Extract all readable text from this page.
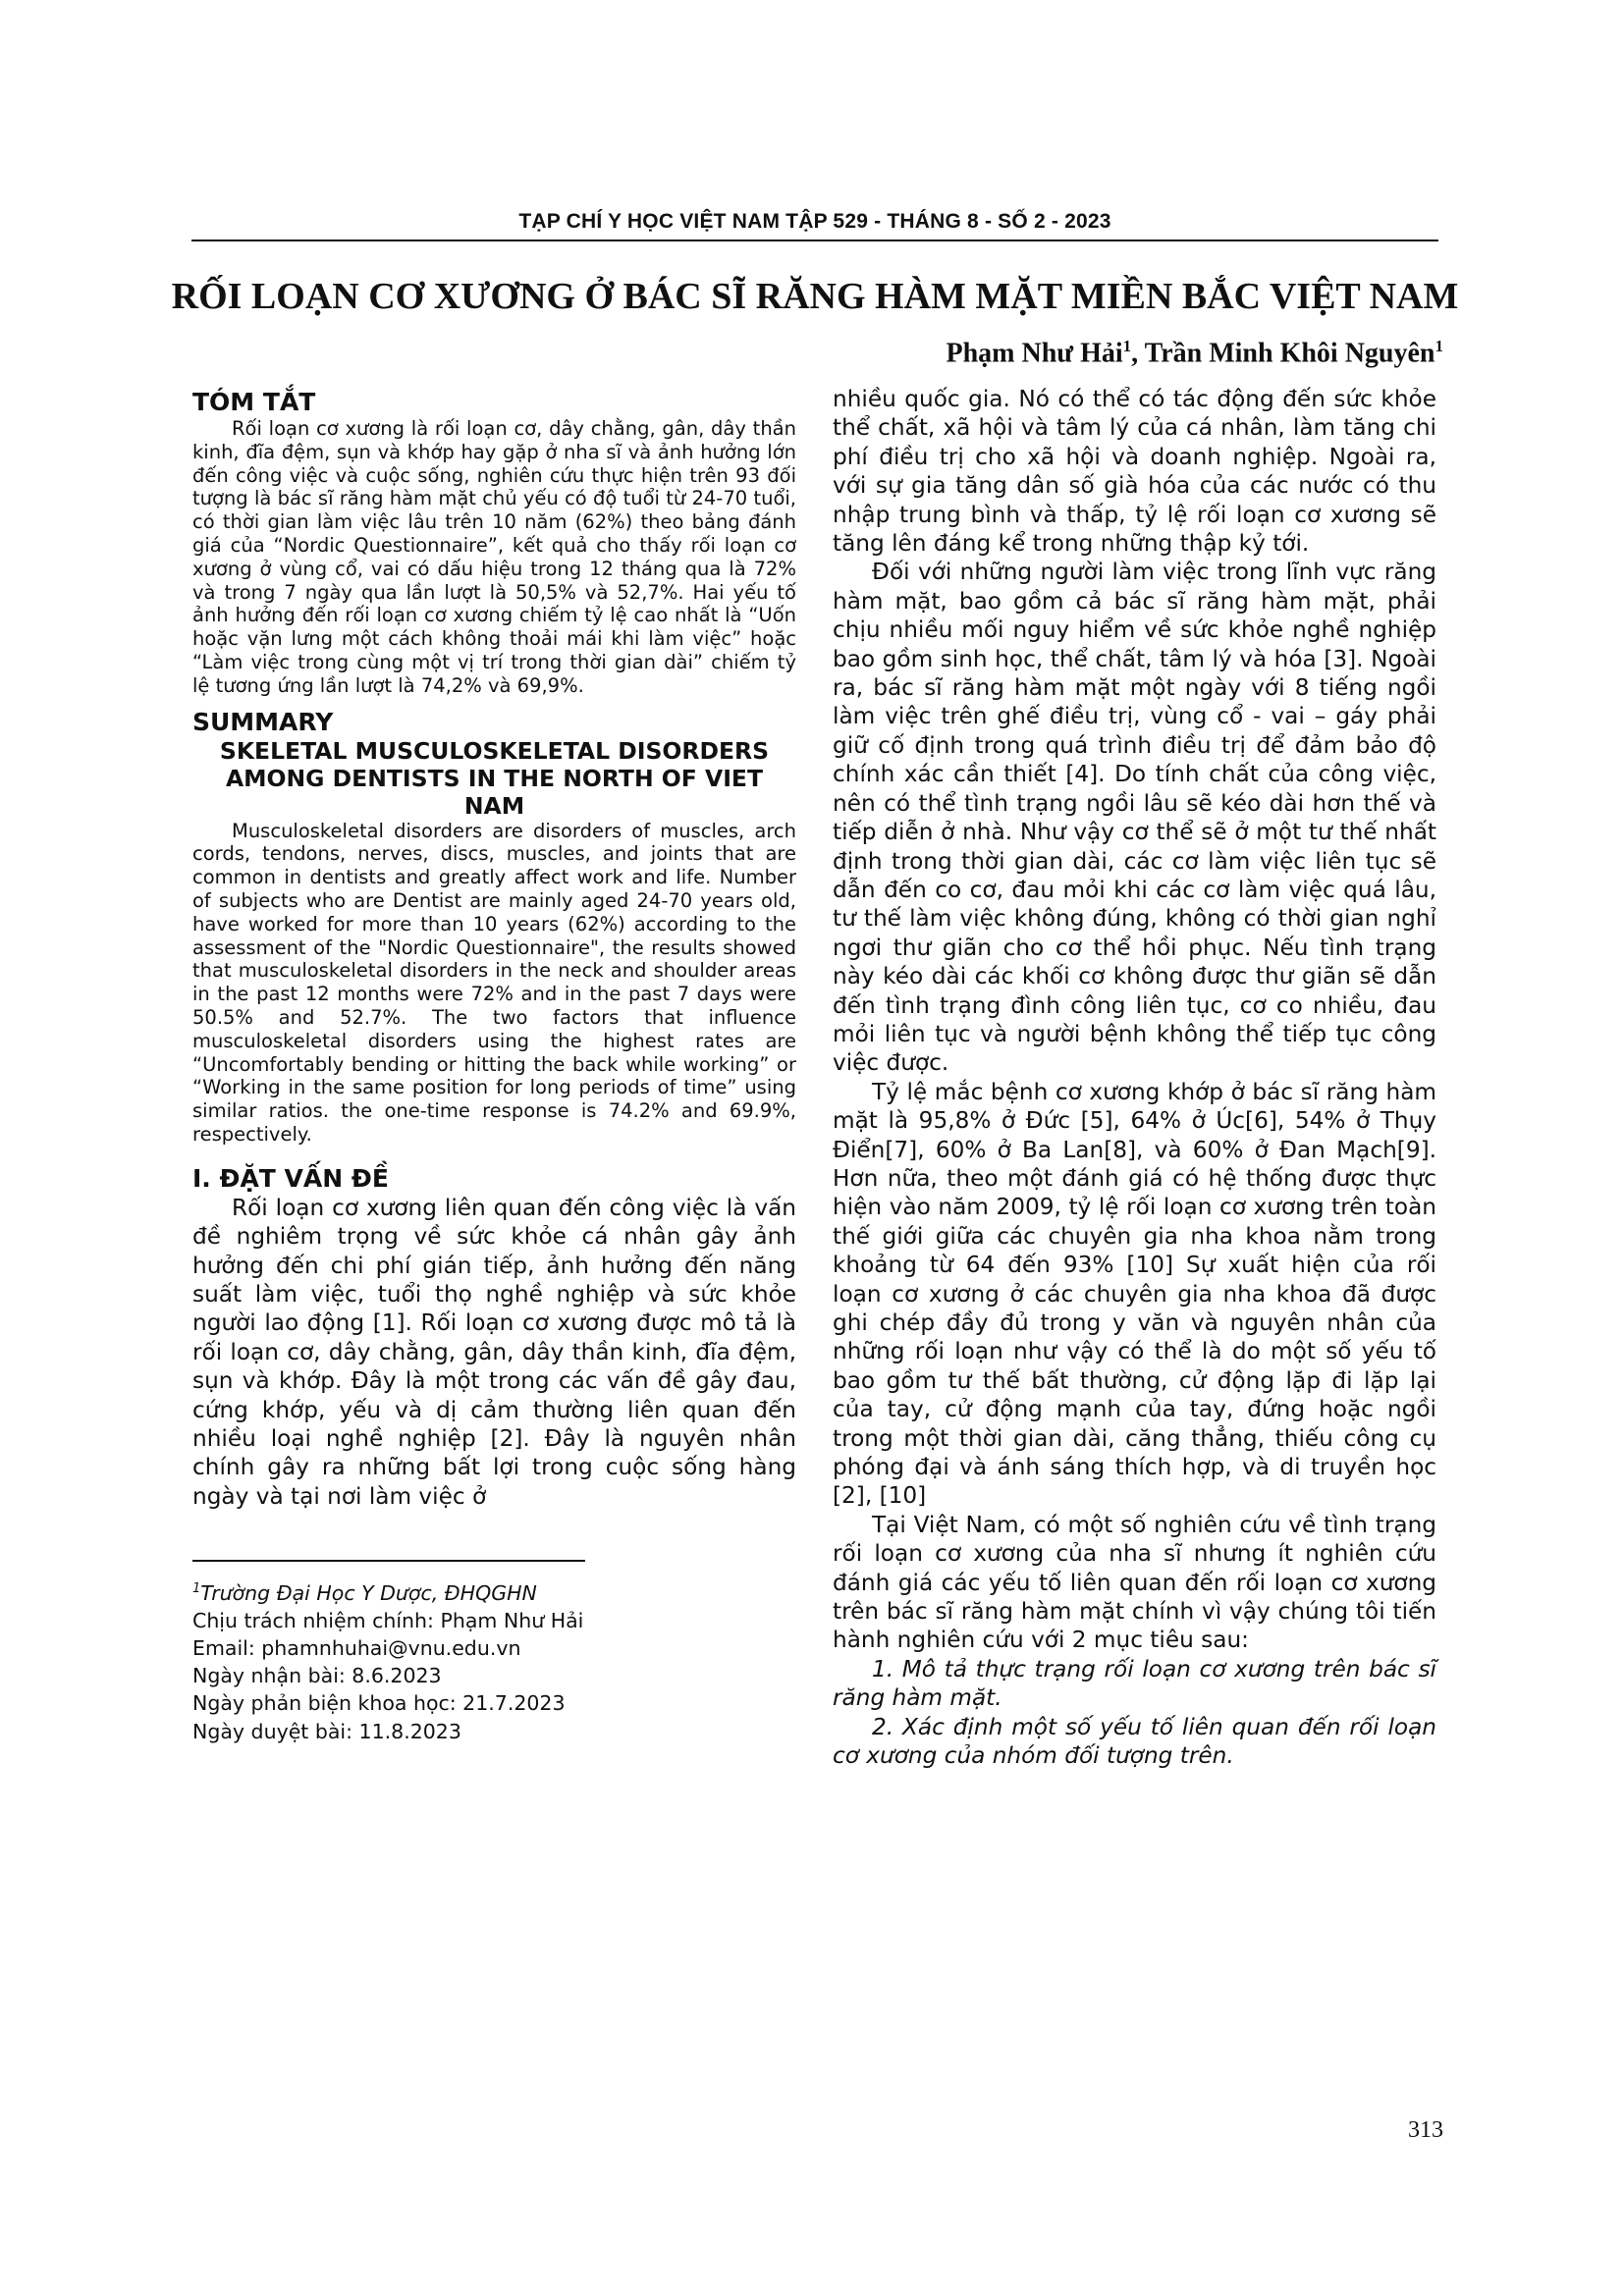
TẠP CHÍ Y HỌC VIỆT NAM TẬP 529 - THÁNG 8 - SỐ 2 - 2023
RỐI LOẠN CƠ XƯƠNG Ở BÁC SĨ RĂNG HÀM MẶT MIỀN BẮC VIỆT NAM
Phạm Như Hải$^1$, Trần Minh Khôi Nguyên$^1$
TÓM TẮT

Rối loạn cơ xương là rối loạn cơ, dây chằng, gân, dây thần kinh, đĩa đệm, sụn và khớp hay gặp ở nha sĩ và ảnh hưởng lớn đến công việc và cuộc sống, nghiên cứu thực hiện trên 93 đối tượng là bác sĩ răng hàm mặt chủ yếu có độ tuổi từ 24-70 tuổi, có thời gian làm việc lâu trên 10 năm (62%) theo bảng đánh giá của “Nordic Questionnaire”, kết quả cho thấy rối loạn cơ xương ở vùng cổ, vai có dấu hiệu trong 12 tháng qua là 72% và trong 7 ngày qua lần lượt là 50,5% và 52,7%. Hai yếu tố ảnh hưởng đến rối loạn cơ xương chiếm tỷ lệ cao nhất là “Uốn hoặc vặn lưng một cách không thoải mái khi làm việc” hoặc “Làm việc trong cùng một vị trí trong thời gian dài” chiếm tỷ lệ tương ứng lần lượt là 74,2% và 69,9%.

SUMMARY
SKELETAL MUSCULOSKELETAL DISORDERS AMONG DENTISTS IN THE NORTH OF VIET NAM

Musculoskeletal disorders are disorders of muscles, arch cords, tendons, nerves, discs, muscles, and joints that are common in dentists and greatly affect work and life. Number of subjects who are Dentist are mainly aged 24-70 years old, have worked for more than 10 years (62%) according to the assessment of the "Nordic Questionnaire", the results showed that musculoskeletal disorders in the neck and shoulder areas in the past 12 months were 72% and in the past 7 days were 50.5% and 52.7%. The two factors that influence musculoskeletal disorders using the highest rates are “Uncomfortably bending or hitting the back while working” or “Working in the same position for long periods of time” using similar ratios. the one-time response is 74.2% and 69.9%, respectively.

I. ĐẶT VẤN ĐỀ

Rối loạn cơ xương liên quan đến công việc là vấn đề nghiêm trọng về sức khỏe cá nhân gây ảnh hưởng đến chi phí gián tiếp, ảnh hưởng đến năng suất làm việc, tuổi thọ nghề nghiệp và sức khỏe người lao động [1]. Rối loạn cơ xương được mô tả là rối loạn cơ, dây chằng, gân, dây thần kinh, đĩa đệm, sụn và khớp. Đây là một trong các vấn đề gây đau, cứng khớp, yếu và dị cảm thường liên quan đến nhiều loại nghề nghiệp [2]. Đây là nguyên nhân chính gây ra những bất lợi trong cuộc sống hàng ngày và tại nơi làm việc ở

$^1$Trường Đại Học Y Dược, ĐHQGHN
Chịu trách nhiệm chính: Phạm Như Hải
Email: phamnhuhai@vnu.edu.vn
Ngày nhận bài: 8.6.2023
Ngày phản biện khoa học: 21.7.2023
Ngày duyệt bài: 11.8.2023

nhiều quốc gia. Nó có thể có tác động đến sức khỏe thể chất, xã hội và tâm lý của cá nhân, làm tăng chi phí điều trị cho xã hội và doanh nghiệp. Ngoài ra, với sự gia tăng dân số già hóa của các nước có thu nhập trung bình và thấp, tỷ lệ rối loạn cơ xương sẽ tăng lên đáng kể trong những thập kỷ tới.

Đối với những người làm việc trong lĩnh vực răng hàm mặt, bao gồm cả bác sĩ răng hàm mặt, phải chịu nhiều mối nguy hiểm về sức khỏe nghề nghiệp bao gồm sinh học, thể chất, tâm lý và hóa [3]. Ngoài ra, bác sĩ răng hàm mặt một ngày với 8 tiếng ngồi làm việc trên ghế điều trị, vùng cổ - vai – gáy phải giữ cố định trong quá trình điều trị để đảm bảo độ chính xác cần thiết [4]. Do tính chất của công việc, nên có thể tình trạng ngồi lâu sẽ kéo dài hơn thế và tiếp diễn ở nhà. Như vậy cơ thể sẽ ở một tư thế nhất định trong thời gian dài, các cơ làm việc liên tục sẽ dẫn đến co cơ, đau mỏi khi các cơ làm việc quá lâu, tư thế làm việc không đúng, không có thời gian nghỉ ngơi thư giãn cho cơ thể hồi phục. Nếu tình trạng này kéo dài các khối cơ không được thư giãn sẽ dẫn đến tình trạng đình công liên tục, cơ co nhiều, đau mỏi liên tục và người bệnh không thể tiếp tục công việc được.

Tỷ lệ mắc bệnh cơ xương khớp ở bác sĩ răng hàm mặt là 95,8% ở Đức [5], 64% ở Úc[6], 54% ở Thụy Điển[7], 60% ở Ba Lan[8], và 60% ở Đan Mạch[9]. Hơn nữa, theo một đánh giá có hệ thống được thực hiện vào năm 2009, tỷ lệ rối loạn cơ xương trên toàn thế giới giữa các chuyên gia nha khoa nằm trong khoảng từ 64 đến 93% [10] Sự xuất hiện của rối loạn cơ xương ở các chuyên gia nha khoa đã được ghi chép đầy đủ trong y văn và nguyên nhân của những rối loạn như vậy có thể là do một số yếu tố bao gồm tư thế bất thường, cử động lặp đi lặp lại của tay, cử động mạnh của tay, đứng hoặc ngồi trong một thời gian dài, căng thẳng, thiếu công cụ phóng đại và ánh sáng thích hợp, và di truyền học [2], [10]

Tại Việt Nam, có một số nghiên cứu về tình trạng rối loạn cơ xương của nha sĩ nhưng ít nghiên cứu đánh giá các yếu tố liên quan đến rối loạn cơ xương trên bác sĩ răng hàm mặt chính vì vậy chúng tôi tiến hành nghiên cứu với 2 mục tiêu sau:

1. Mô tả thực trạng rối loạn cơ xương trên bác sĩ răng hàm mặt.

2. Xác định một số yếu tố liên quan đến rối loạn cơ xương của nhóm đối tượng trên.

313
